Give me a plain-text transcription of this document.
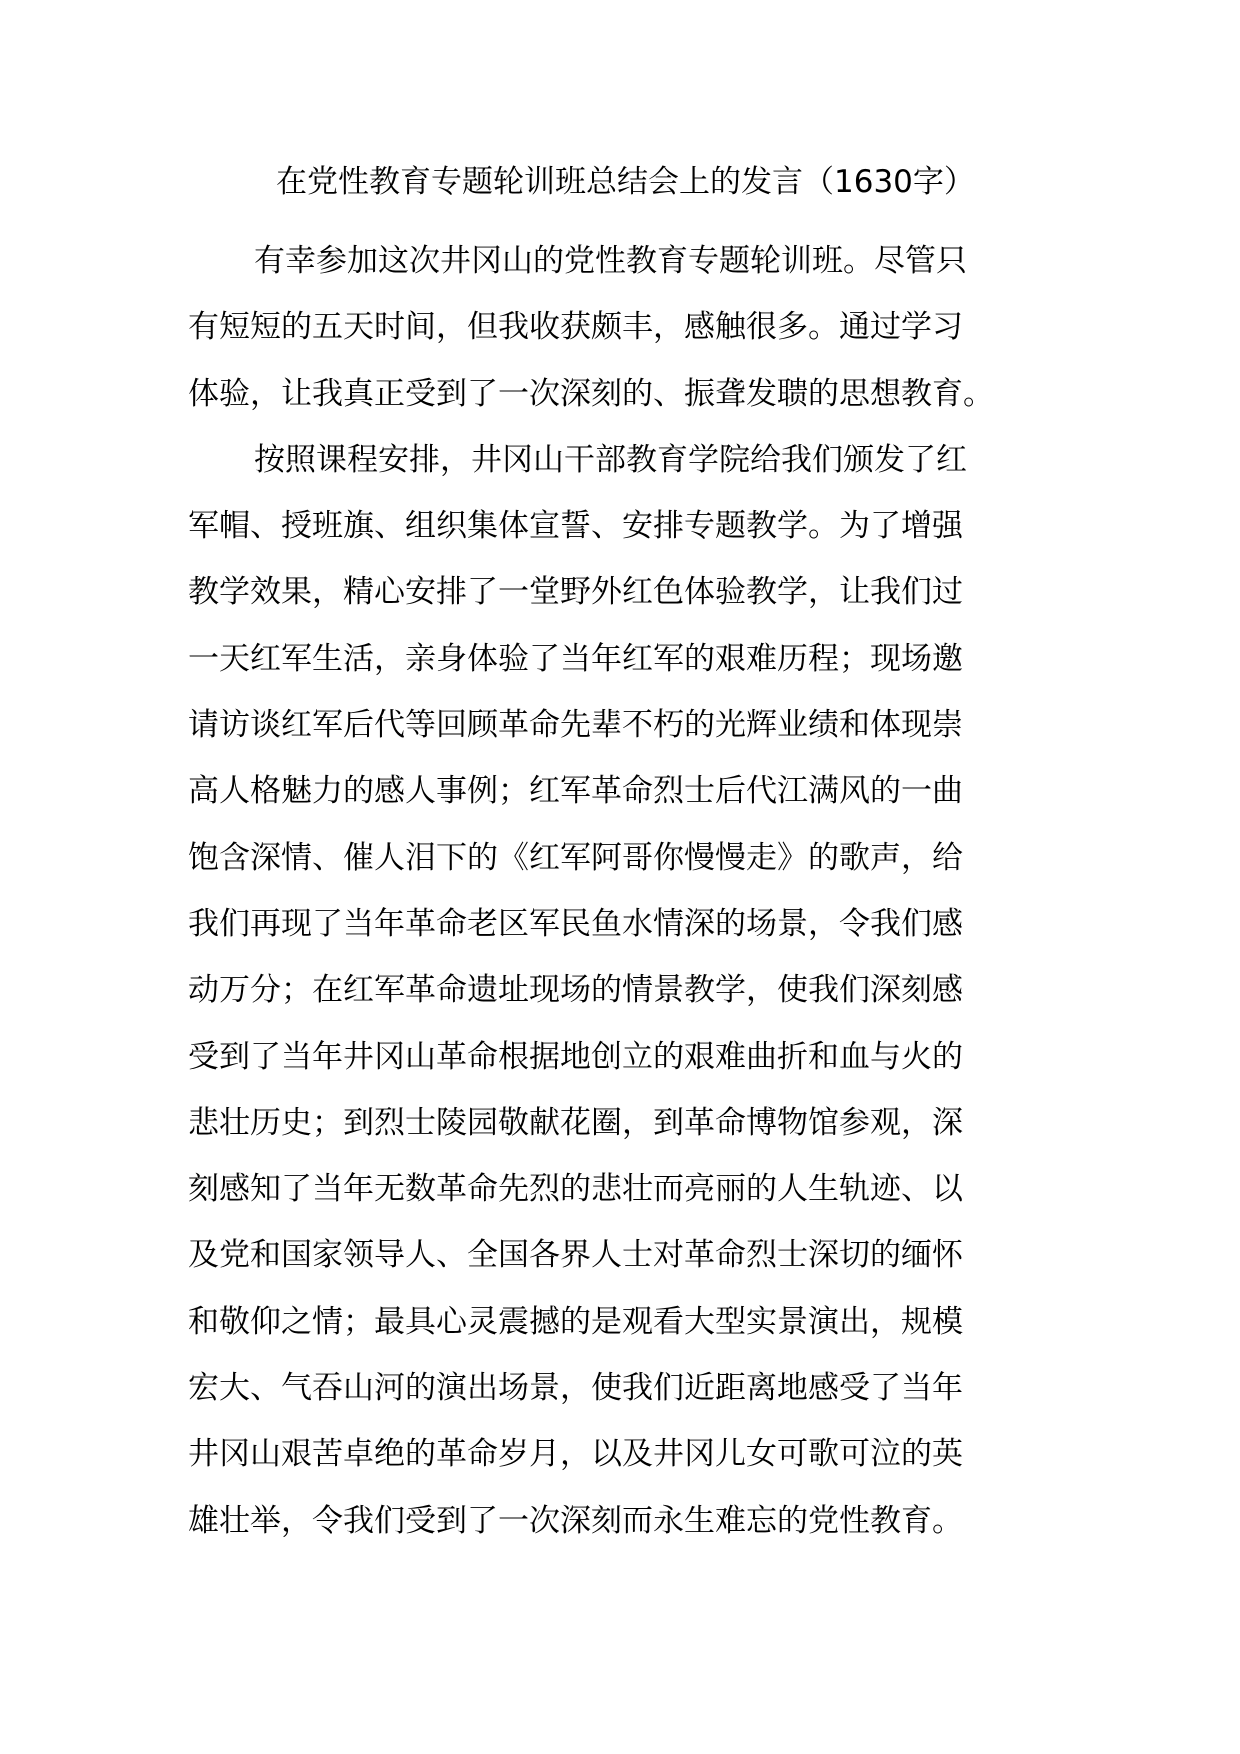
在党性教育专题轮训班总结会上的发言（1630字）
有幸参加这次井冈山的党性教育专题轮训班。尽管只
有短短的五天时间，但我收获颇丰，感触很多。通过学习
体验，让我真正受到了一次深刻的、振聋发聩的思想教育。
按照课程安排，井冈山干部教育学院给我们颁发了红
军帽、授班旗、组织集体宣誓、安排专题教学。为了增强
教学效果，精心安排了一堂野外红色体验教学，让我们过
一天红军生活，亲身体验了当年红军的艰难历程；现场邀
请访谈红军后代等回顾革命先辈不朽的光辉业绩和体现崇
高人格魅力的感人事例；红军革命烈士后代江满风的一曲
饱含深情、催人泪下的《红军阿哥你慢慢走》的歌声，给
我们再现了当年革命老区军民鱼水情深的场景，令我们感
动万分；在红军革命遗址现场的情景教学，使我们深刻感
受到了当年井冈山革命根据地创立的艰难曲折和血与火的
悲壮历史；到烈士陵园敬献花圈，到革命博物馆参观，深
刻感知了当年无数革命先烈的悲壮而亮丽的人生轨迹、以
及党和国家领导人、全国各界人士对革命烈士深切的缅怀
和敬仰之情；最具心灵震撼的是观看大型实景演出，规模
宏大、气吞山河的演出场景，使我们近距离地感受了当年
井冈山艰苦卓绝的革命岁月，以及井冈儿女可歌可泣的英
雄壮举，令我们受到了一次深刻而永生难忘的党性教育。
